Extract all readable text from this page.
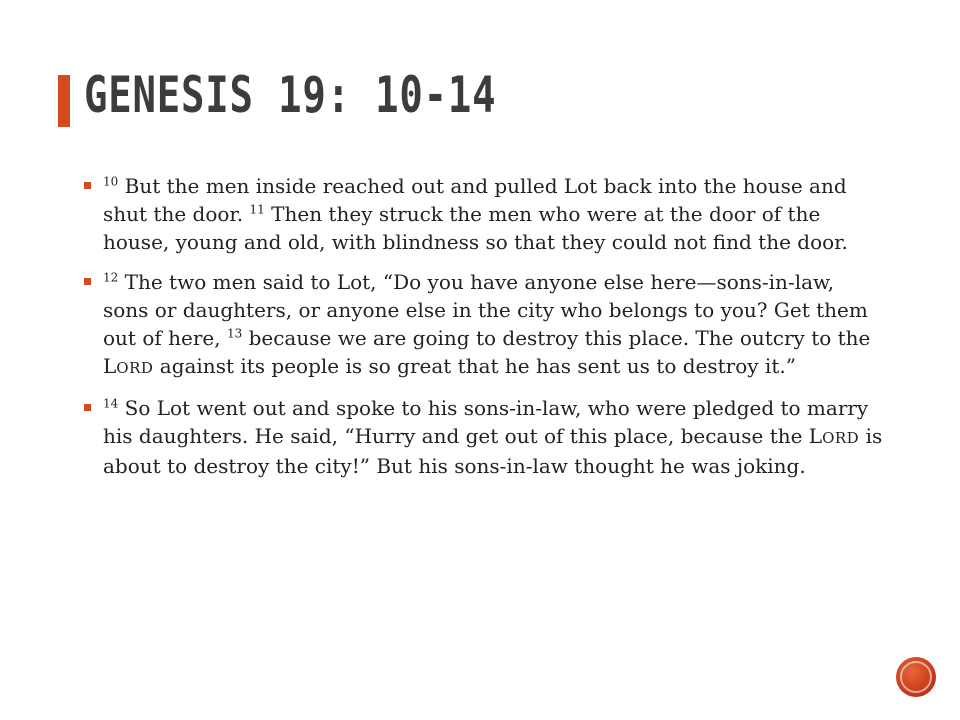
GENESIS 19: 10-14
$^{10}$ But the men inside reached out and pulled Lot back into the house and shut the door. $^{11}$ Then they struck the men who were at the door of the house, young and old, with blindness so that they could not find the door.
$^{12}$ The two men said to Lot, “Do you have anyone else here—sons-in-law, sons or daughters, or anyone else in the city who belongs to you? Get them out of here, $^{13}$ because we are going to destroy this place. The outcry to the LORD against its people is so great that he has sent us to destroy it.”
$^{14}$ So Lot went out and spoke to his sons-in-law, who were pledged to marry his daughters. He said, “Hurry and get out of this place, because the LORD is about to destroy the city!” But his sons-in-law thought he was joking.
